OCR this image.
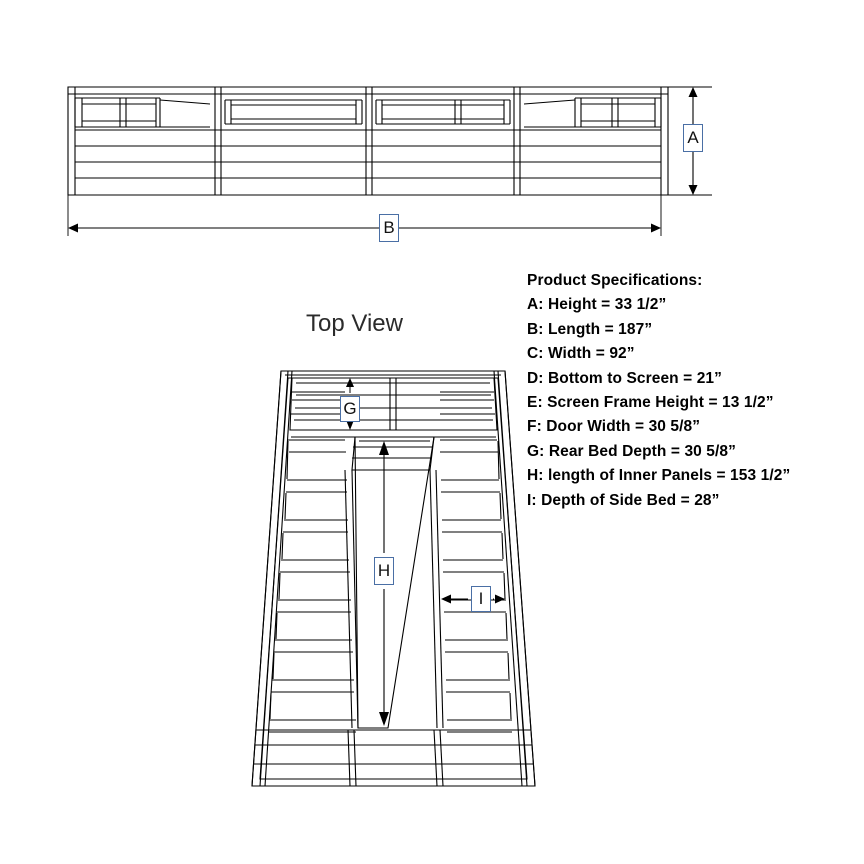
Top View
A
B
G
H
I
Product Specifications:
A: Height = 33 1/2”
B: Length = 187”
C: Width = 92”
D: Bottom to Screen = 21”
E: Screen Frame Height = 13 1/2”
F: Door Width = 30 5/8”
G: Rear Bed Depth = 30 5/8”
H: length of Inner Panels = 153 1/2”
I: Depth of Side Bed = 28”
